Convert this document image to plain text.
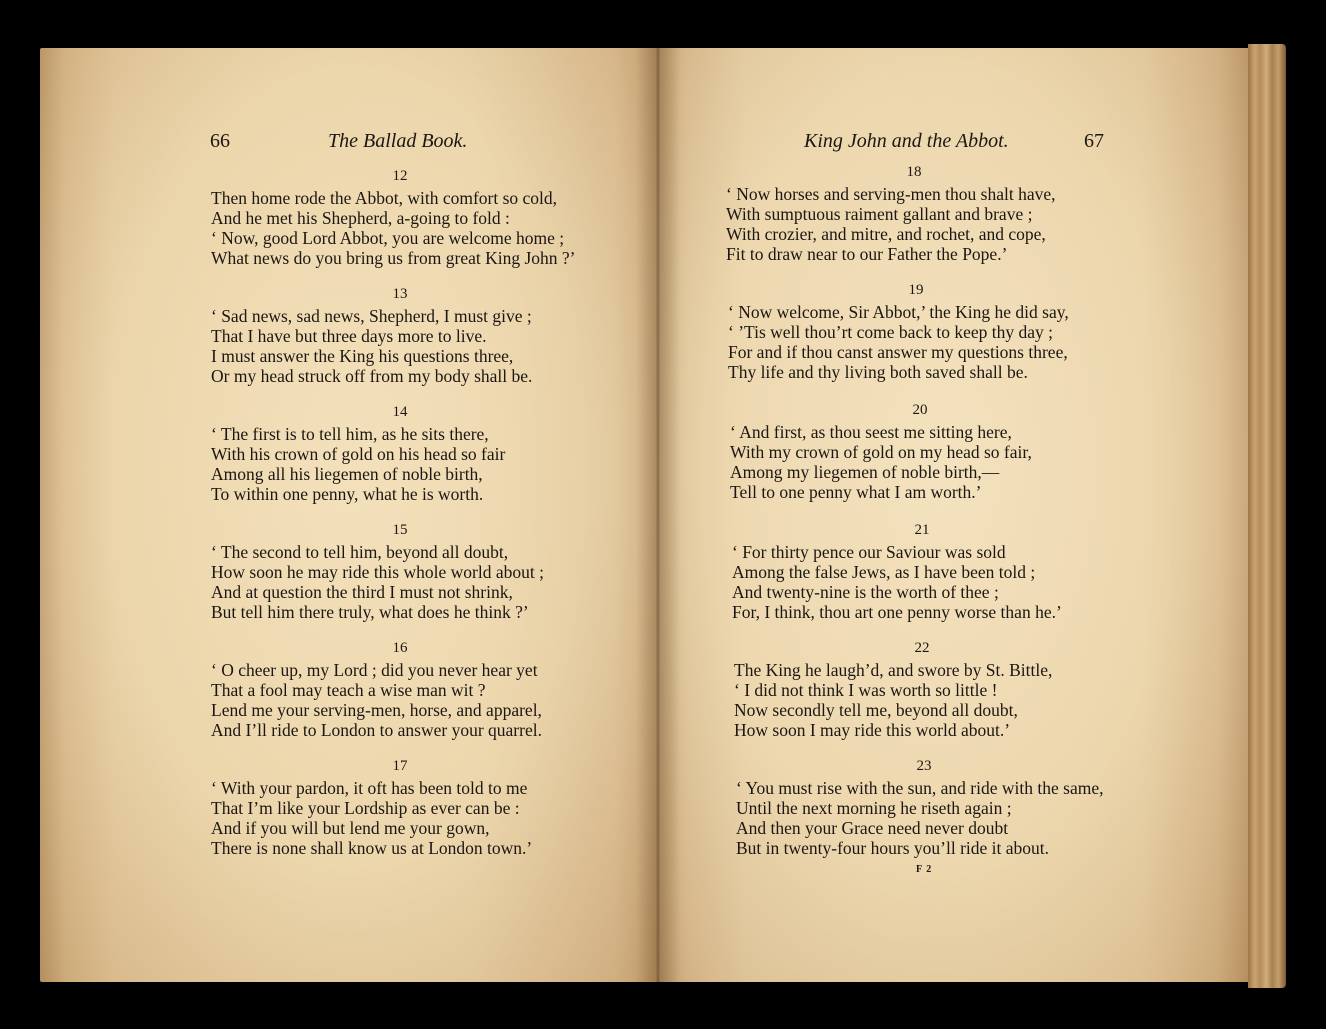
66	The Ballad Book.
12
Then home rode the Abbot, with comfort so cold,
And he met his Shepherd, a-going to fold :
‘ Now, good Lord Abbot, you are welcome home ;
What news do you bring us from great King John ?’
13
‘ Sad news, sad news, Shepherd, I must give ;
That I have but three days more to live.
I must answer the King his questions three,
Or my head struck off from my body shall be.
14
‘ The first is to tell him, as he sits there,
With his crown of gold on his head so fair
Among all his liegemen of noble birth,
To within one penny, what he is worth.
15
‘ The second to tell him, beyond all doubt,
How soon he may ride this whole world about ;
And at question the third I must not shrink,
But tell him there truly, what does he think ?’
16
‘ O cheer up, my Lord ; did you never hear yet
That a fool may teach a wise man wit ?
Lend me your serving-men, horse, and apparel,
And I’ll ride to London to answer your quarrel.
17
‘ With your pardon, it oft has been told to me
That I’m like your Lordship as ever can be :
And if you will but lend me your gown,
There is none shall know us at London town.’
King John and the Abbot.	67
18
‘ Now horses and serving-men thou shalt have,
With sumptuous raiment gallant and brave ;
With crozier, and mitre, and rochet, and cope,
Fit to draw near to our Father the Pope.’
19
‘ Now welcome, Sir Abbot,’ the King he did say,
‘ ’Tis well thou’rt come back to keep thy day ;
For and if thou canst answer my questions three,
Thy life and thy living both saved shall be.
20
‘ And first, as thou seest me sitting here,
With my crown of gold on my head so fair,
Among my liegemen of noble birth,—
Tell to one penny what I am worth.’
21
‘ For thirty pence our Saviour was sold
Among the false Jews, as I have been told ;
And twenty-nine is the worth of thee ;
For, I think, thou art one penny worse than he.’
22
The King he laugh’d, and swore by St. Bittle,
‘ I did not think I was worth so little !
Now secondly tell me, beyond all doubt,
How soon I may ride this world about.’
23
‘ You must rise with the sun, and ride with the same,
Until the next morning he riseth again ;
And then your Grace need never doubt
But in twenty-four hours you’ll ride it about.
F 2
